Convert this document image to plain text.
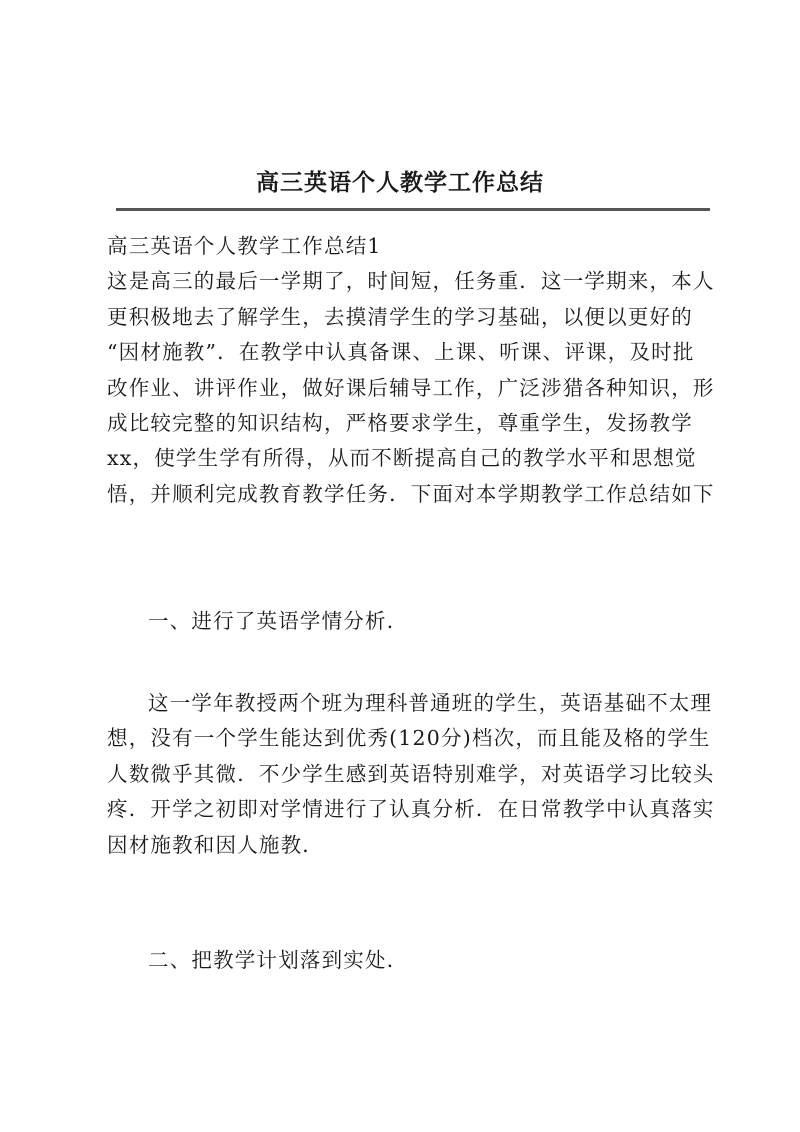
高三英语个人教学工作总结
高三英语个人教学工作总结1
这是高三的最后一学期了，时间短，任务重．这一学期来，本人
更积极地去了解学生，去摸清学生的学习基础，以便以更好的
“因材施教”．在教学中认真备课、上课、听课、评课，及时批
改作业、讲评作业，做好课后辅导工作，广泛涉猎各种知识，形
成比较完整的知识结构，严格要求学生，尊重学生，发扬教学
xx，使学生学有所得，从而不断提高自己的教学水平和思想觉
悟，并顺利完成教育教学任务．下面对本学期教学工作总结如下

一、进行了英语学情分析．

这一学年教授两个班为理科普通班的学生，英语基础不太理
想，没有一个学生能达到优秀(120分)档次，而且能及格的学生
人数微乎其微．不少学生感到英语特别难学，对英语学习比较头
疼．开学之初即对学情进行了认真分析．在日常教学中认真落实
因材施教和因人施教．

二、把教学计划落到实处．
